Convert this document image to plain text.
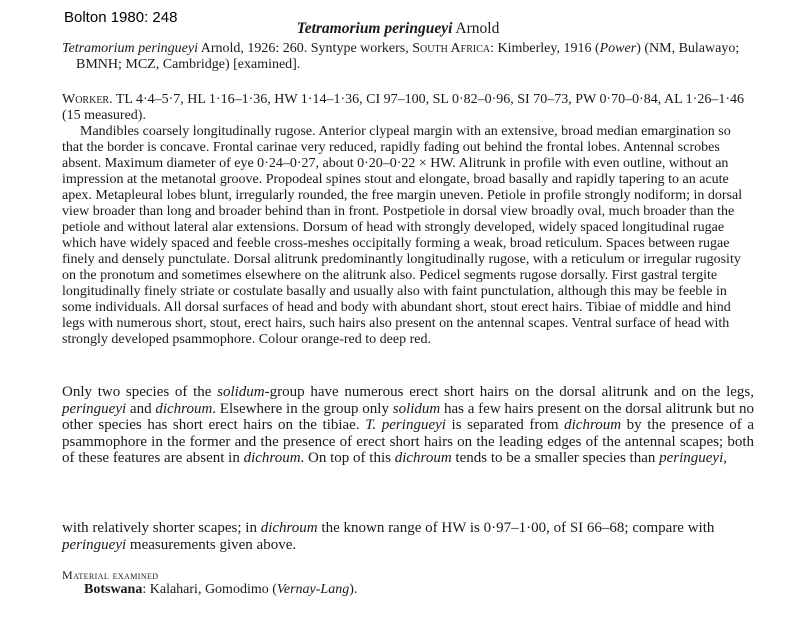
Bolton 1980: 248
Tetramorium peringueyi Arnold

Tetramorium peringueyi Arnold, 1926: 260. Syntype workers, South Africa: Kimberley, 1916 (Power) (NM, Bulawayo; BMNH; MCZ, Cambridge) [examined].

Worker. TL 4·4–5·7, HL 1·16–1·36, HW 1·14–1·36, CI 97–100, SL 0·82–0·96, SI 70–73, PW 0·70–0·84, AL 1·26–1·46 (15 measured).

Mandibles coarsely longitudinally rugose. Anterior clypeal margin with an extensive, broad median emargination so that the border is concave. Frontal carinae very reduced, rapidly fading out behind the frontal lobes. Antennal scrobes absent. Maximum diameter of eye 0·24–0·27, about 0·20–0·22 × HW. Alitrunk in profile with even outline, without an impression at the metanotal groove. Propodeal spines stout and elongate, broad basally and rapidly tapering to an acute apex. Metapleural lobes blunt, irregularly rounded, the free margin uneven. Petiole in profile strongly nodiform; in dorsal view broader than long and broader behind than in front. Postpetiole in dorsal view broadly oval, much broader than the petiole and without lateral alar extensions. Dorsum of head with strongly developed, widely spaced longitudinal rugae which have widely spaced and feeble cross-meshes occipitally forming a weak, broad reticulum. Spaces between rugae finely and densely punctulate. Dorsal alitrunk predominantly longitudinally rugose, with a reticulum or irregular rugosity on the pronotum and sometimes elsewhere on the alitrunk also. Pedicel segments rugose dorsally. First gastral tergite longitudinally finely striate or costulate basally and usually also with faint punctulation, although this may be feeble in some individuals. All dorsal surfaces of head and body with abundant short, stout erect hairs. Tibiae of middle and hind legs with numerous short, stout, erect hairs, such hairs also present on the antennal scapes. Ventral surface of head with strongly developed psammophore. Colour orange-red to deep red.

Only two species of the solidum-group have numerous erect short hairs on the dorsal alitrunk and on the legs, peringueyi and dichroum. Elsewhere in the group only solidum has a few hairs present on the dorsal alitrunk but no other species has short erect hairs on the tibiae. T. peringueyi is separated from dichroum by the presence of a psammophore in the former and the presence of erect short hairs on the leading edges of the antennal scapes; both of these features are absent in dichroum. On top of this dichroum tends to be a smaller species than peringueyi,

with relatively shorter scapes; in dichroum the known range of HW is 0·97–1·00, of SI 66–68; compare with peringueyi measurements given above.

Material examined

Botswana: Kalahari, Gomodimo (Vernay-Lang).
